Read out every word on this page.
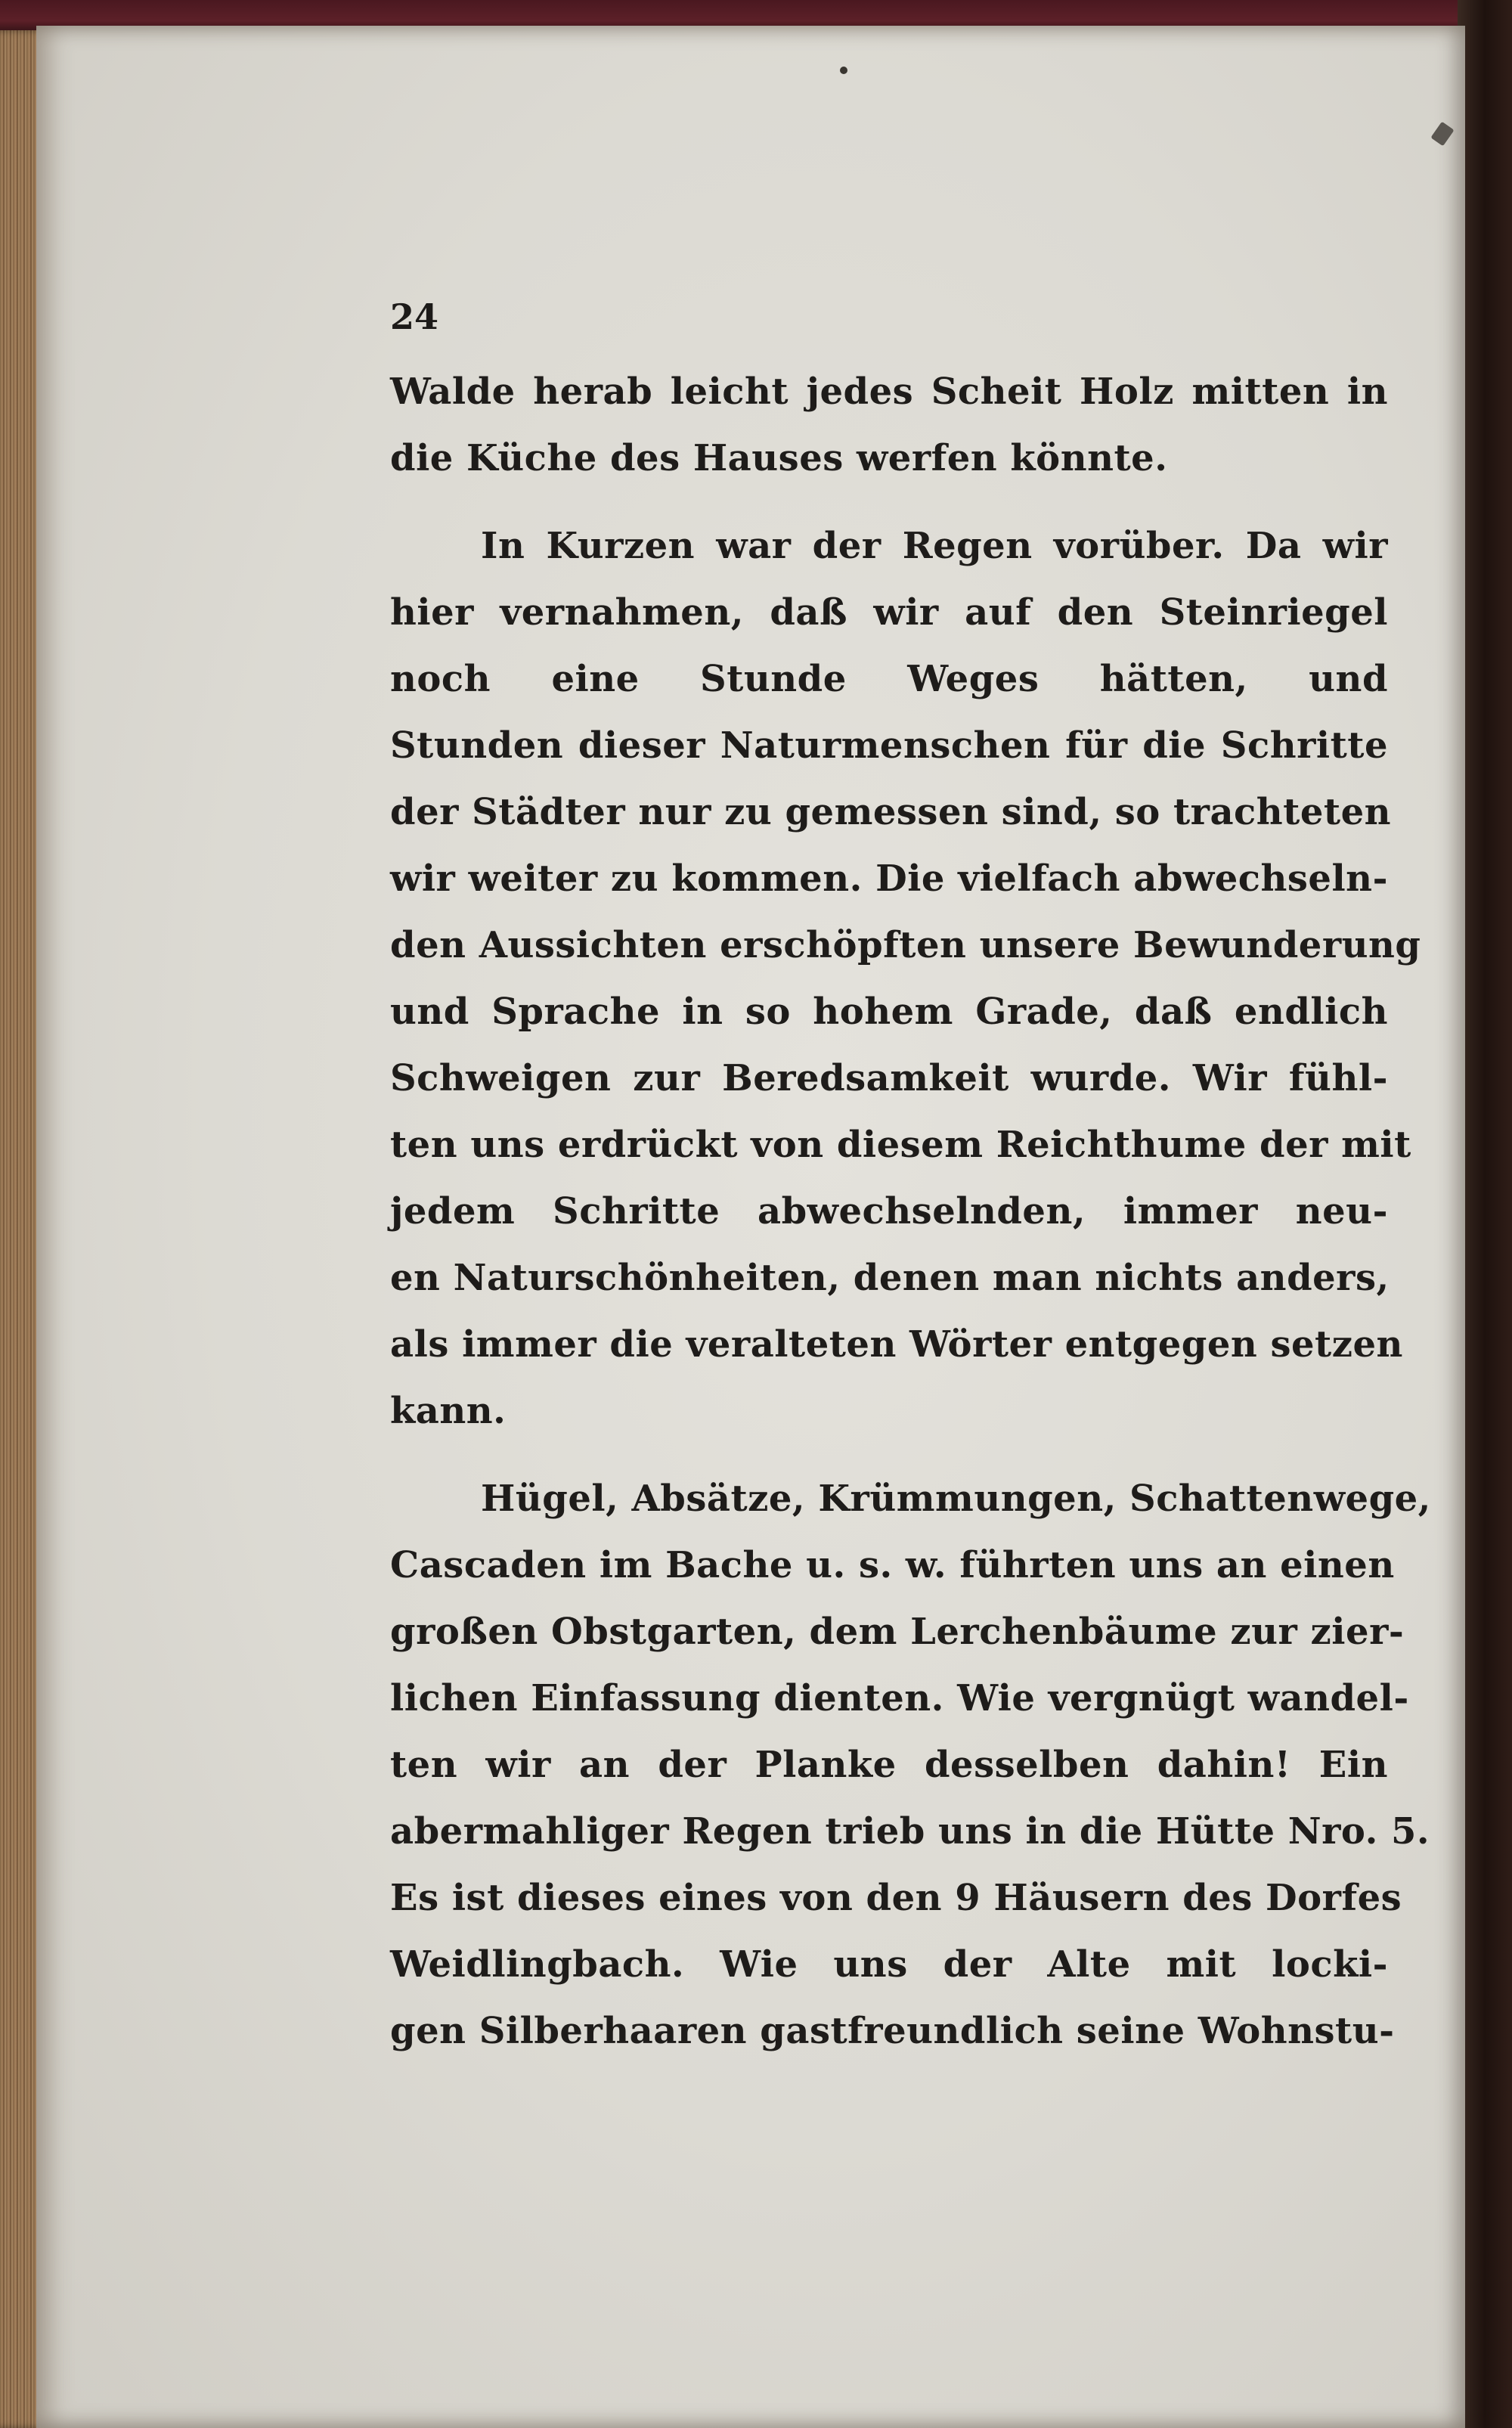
24

Walde herab leicht jedes Scheit Holz mitten in

die Küche des Hauses werfen könnte.

In Kurzen war der Regen vorüber. Da wir

hier vernahmen, daß wir auf den Steinriegel

noch eine Stunde Weges hätten, und

Stunden dieser Naturmenschen für die Schritte

der Städter nur zu gemessen sind, so trachteten

wir weiter zu kommen. Die vielfach abwechseln-

den Aussichten erschöpften unsere Bewunderung

und Sprache in so hohem Grade, daß endlich

Schweigen zur Beredsamkeit wurde. Wir fühl-

ten uns erdrückt von diesem Reichthume der mit

jedem Schritte abwechselnden, immer neu-

en Naturschönheiten, denen man nichts anders,

als immer die veralteten Wörter entgegen setzen

kann.

Hügel, Absätze, Krümmungen, Schattenwege,

Cascaden im Bache u. s. w. führten uns an einen

großen Obstgarten, dem Lerchenbäume zur zier-

lichen Einfassung dienten. Wie vergnügt wandel-

ten wir an der Planke desselben dahin! Ein

abermahliger Regen trieb uns in die Hütte Nro. 5.

Es ist dieses eines von den 9 Häusern des Dorfes

Weidlingbach. Wie uns der Alte mit locki-

gen Silberhaaren gastfreundlich seine Wohnstu-
